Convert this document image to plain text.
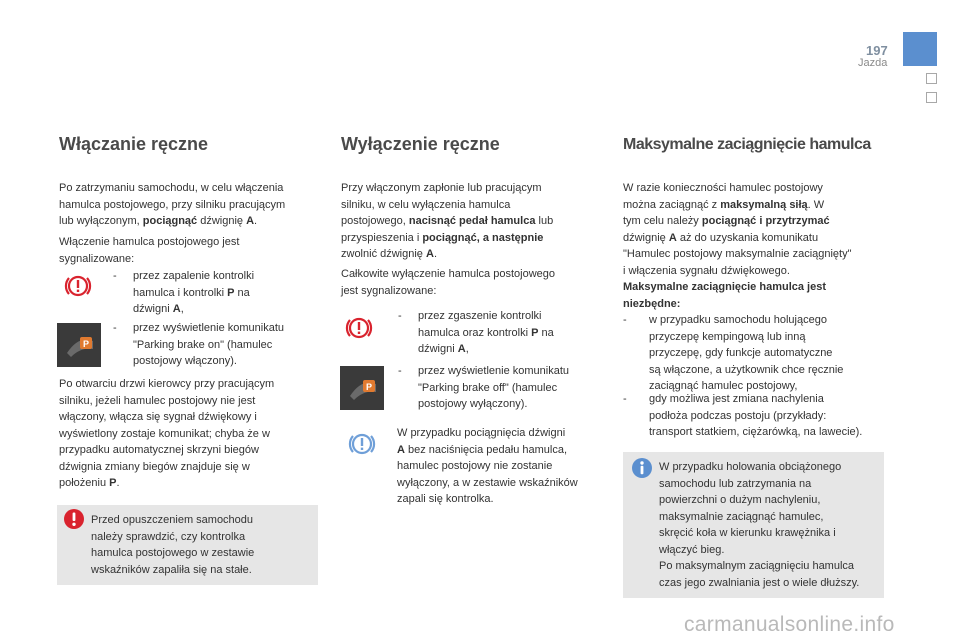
197
Jazda
Włączanie ręczne
Po zatrzymaniu samochodu, w celu włączenia
hamulca postojowego, przy silniku pracującym
lub wyłączonym, pociągnąć dźwignię A.
Włączenie hamulca postojowego jest
sygnalizowane:
- przez zapalenie kontrolki
hamulca i kontrolki P na
dźwigni A,
P
- przez wyświetlenie komunikatu
"Parking brake on" (hamulec
postojowy włączony).
Po otwarciu drzwi kierowcy przy pracującym
silniku, jeżeli hamulec postojowy nie jest
włączony, włącza się sygnał dźwiękowy i
wyświetlony zostaje komunikat; chyba że w
przypadku automatycznej skrzyni biegów
dźwignia zmiany biegów znajduje się w
położeniu P.
Przed opuszczeniem samochodu
należy sprawdzić, czy kontrolka
hamulca postojowego w zestawie
wskaźników zapaliła się na stałe.
Wyłączenie ręczne
Przy włączonym zapłonie lub pracującym
silniku, w celu wyłączenia hamulca
postojowego, nacisnąć pedał hamulca lub
przyspieszenia i pociągnąć, a następnie
zwolnić dźwignię A.
Całkowite wyłączenie hamulca postojowego
jest sygnalizowane:
- przez zgaszenie kontrolki
hamulca oraz kontrolki P na
dźwigni A,
P
- przez wyświetlenie komunikatu
"Parking brake off" (hamulec
postojowy wyłączony).
W przypadku pociągnięcia dźwigni
A bez naciśnięcia pedału hamulca,
hamulec postojowy nie zostanie
wyłączony, a w zestawie wskaźników
zapali się kontrolka.
Maksymalne zaciągnięcie hamulca
W razie konieczności hamulec postojowy
można zaciągnąć z maksymalną siłą. W
tym celu należy pociągnąć i przytrzymać
dźwignię A aż do uzyskania komunikatu
"Hamulec postojowy maksymalnie zaciągnięty"
i włączenia sygnału dźwiękowego.
Maksymalne zaciągnięcie hamulca jest
niezbędne:
- w przypadku samochodu holującego
przyczepę kempingową lub inną
przyczepę, gdy funkcje automatyczne
są włączone, a użytkownik chce ręcznie
zaciągnąć hamulec postojowy,
- gdy możliwa jest zmiana nachylenia
podłoża podczas postoju (przykłady:
transport statkiem, ciężarówką, na lawecie).
W przypadku holowania obciążonego
samochodu lub zatrzymania na
powierzchni o dużym nachyleniu,
maksymalnie zaciągnąć hamulec,
skręcić koła w kierunku krawężnika i
włączyć bieg.
Po maksymalnym zaciągnięciu hamulca
czas jego zwalniania jest o wiele dłuższy.
carmanualsonline.info
